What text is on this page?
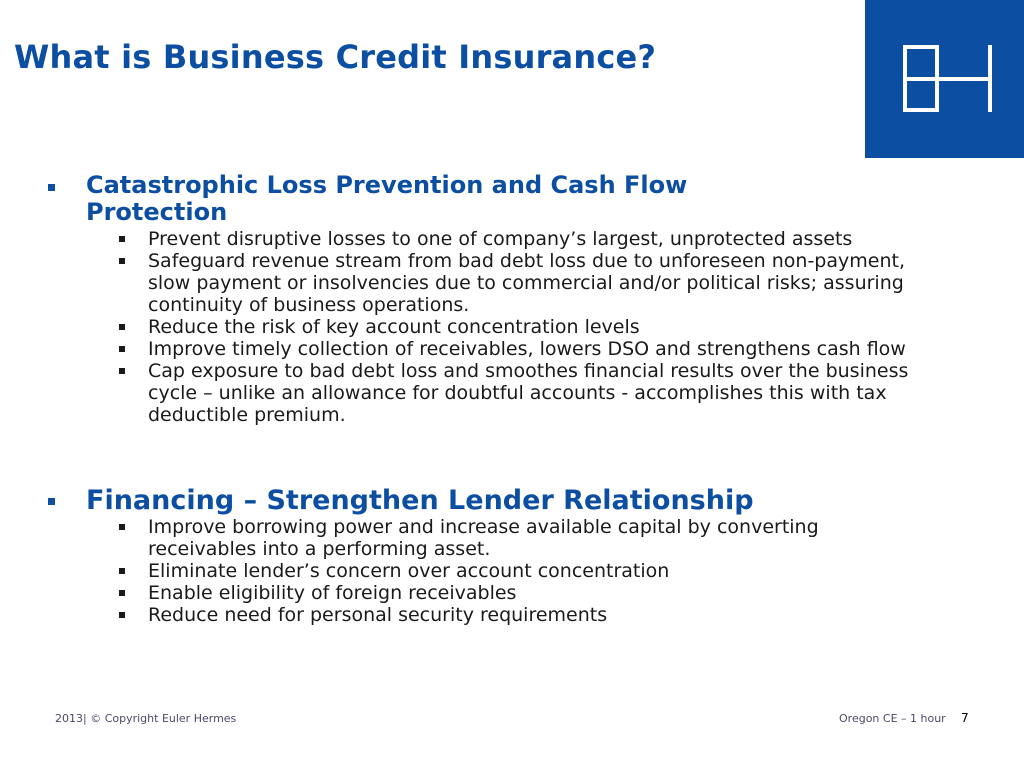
What is Business Credit Insurance?
Catastrophic Loss Prevention and Cash Flow Protection
Prevent disruptive losses to one of company’s largest, unprotected assets
Safeguard revenue stream from bad debt loss due to unforeseen non-payment, slow payment or insolvencies due to commercial and/or political risks; assuring continuity of business operations.
Reduce the risk of key account concentration levels
Improve timely collection of receivables, lowers DSO and strengthens cash flow
Cap exposure to bad debt loss and smoothes financial results over the business cycle – unlike an allowance for doubtful accounts - accomplishes this with tax deductible premium.
Financing – Strengthen Lender Relationship
Improve borrowing power and increase available capital by converting receivables into a performing asset.
Eliminate lender’s concern over account concentration
Enable eligibility of foreign receivables
Reduce need for personal security requirements
2013| © Copyright Euler Hermes	Oregon CE – 1 hour 7
